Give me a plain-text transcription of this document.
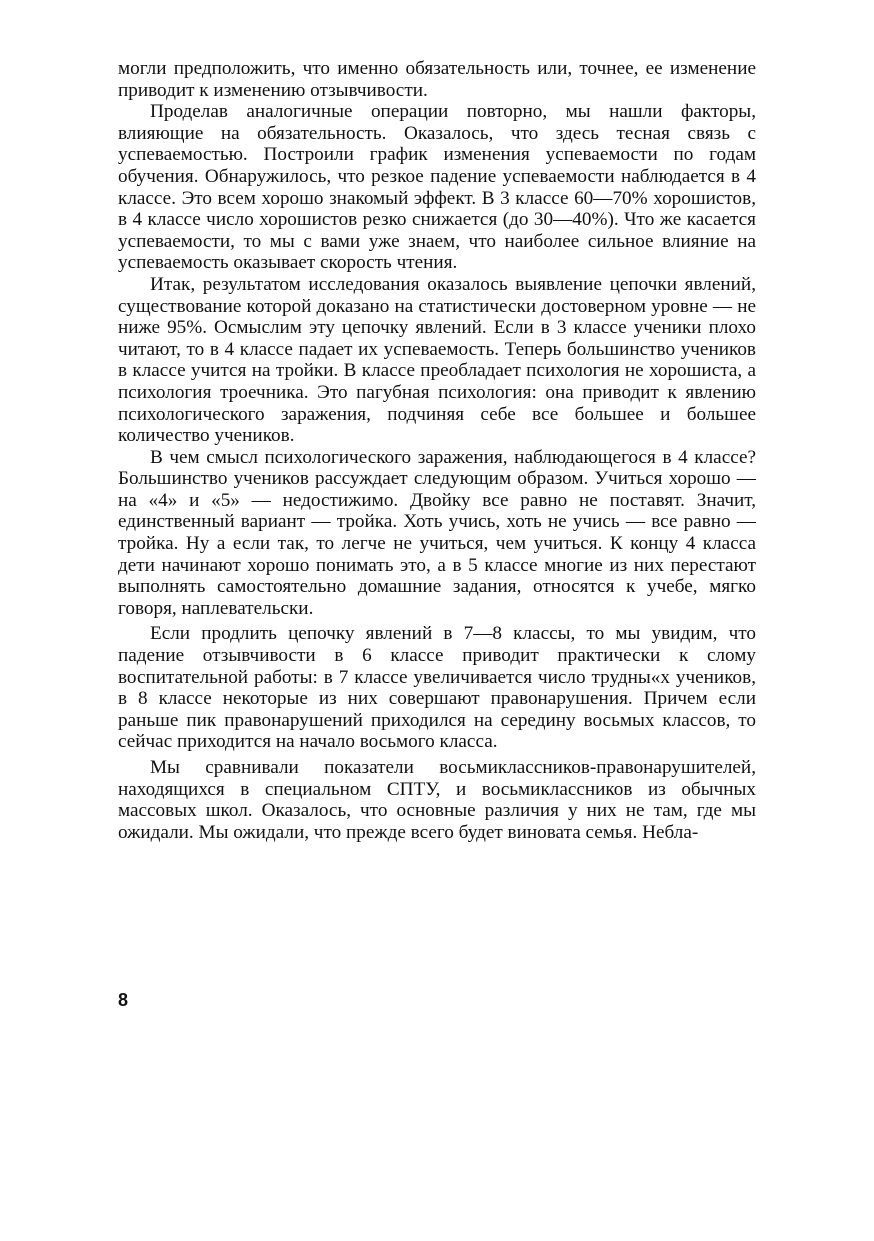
могли предположить, что именно обязательность или, точнее, ее изменение приводит к изменению отзывчивости.

Проделав аналогичные операции повторно, мы нашли факторы, влияющие на обязательность. Оказалось, что здесь тесная связь с успеваемостью. Построили график изменения успеваемости по годам обучения. Обнаружилось, что резкое падение успеваемости наблюдается в 4 классе. Это всем хорошо знакомый эффект. В 3 классе 60—70% хорошистов, в 4 классе число хорошистов резко снижается (до 30—40%). Что же касается успеваемости, то мы с вами уже знаем, что наиболее сильное влияние на успеваемость оказывает скорость чтения.

Итак, результатом исследования оказалось выявление цепочки явлений, существование которой доказано на статистически достоверном уровне — не ниже 95%. Осмыслим эту цепочку явлений. Если в 3 классе ученики плохо читают, то в 4 классе падает их успеваемость. Теперь большинство учеников в классе учится на тройки. В классе преобладает психология не хорошиста, а психология троечника. Это пагубная психология: она приводит к явлению психологического заражения, подчиняя себе все большее и большее количество учеников.

В чем смысл психологического заражения, наблюдающегося в 4 классе? Большинство учеников рассуждает следующим образом. Учиться хорошо — на «4» и «5» — недостижимо. Двойку все равно не поставят. Значит, единственный вариант — тройка. Хоть учись, хоть не учись — все равно — тройка. Ну а если так, то легче не учиться, чем учиться. К концу 4 класса дети начинают хорошо понимать это, а в 5 классе многие из них перестают выполнять самостоятельно домашние задания, относятся к учебе, мягко говоря, наплевательски.

Если продлить цепочку явлений в 7—8 классы, то мы увидим, что падение отзывчивости в 6 классе приводит практически к слому воспитательной работы: в 7 классе увеличивается число трудны«х учеников, в 8 классе некоторые из них совершают правонарушения. Причем если раньше пик правонарушений приходился на середину восьмых классов, то сейчас приходится на начало восьмого класса.

Мы сравнивали показатели восьмиклассников-правонарушителей, находящихся в специальном СПТУ, и восьмиклассников из обычных массовых школ. Оказалось, что основные различия у них не там, где мы ожидали. Мы ожидали, что прежде всего будет виновата семья. Небла-

8
